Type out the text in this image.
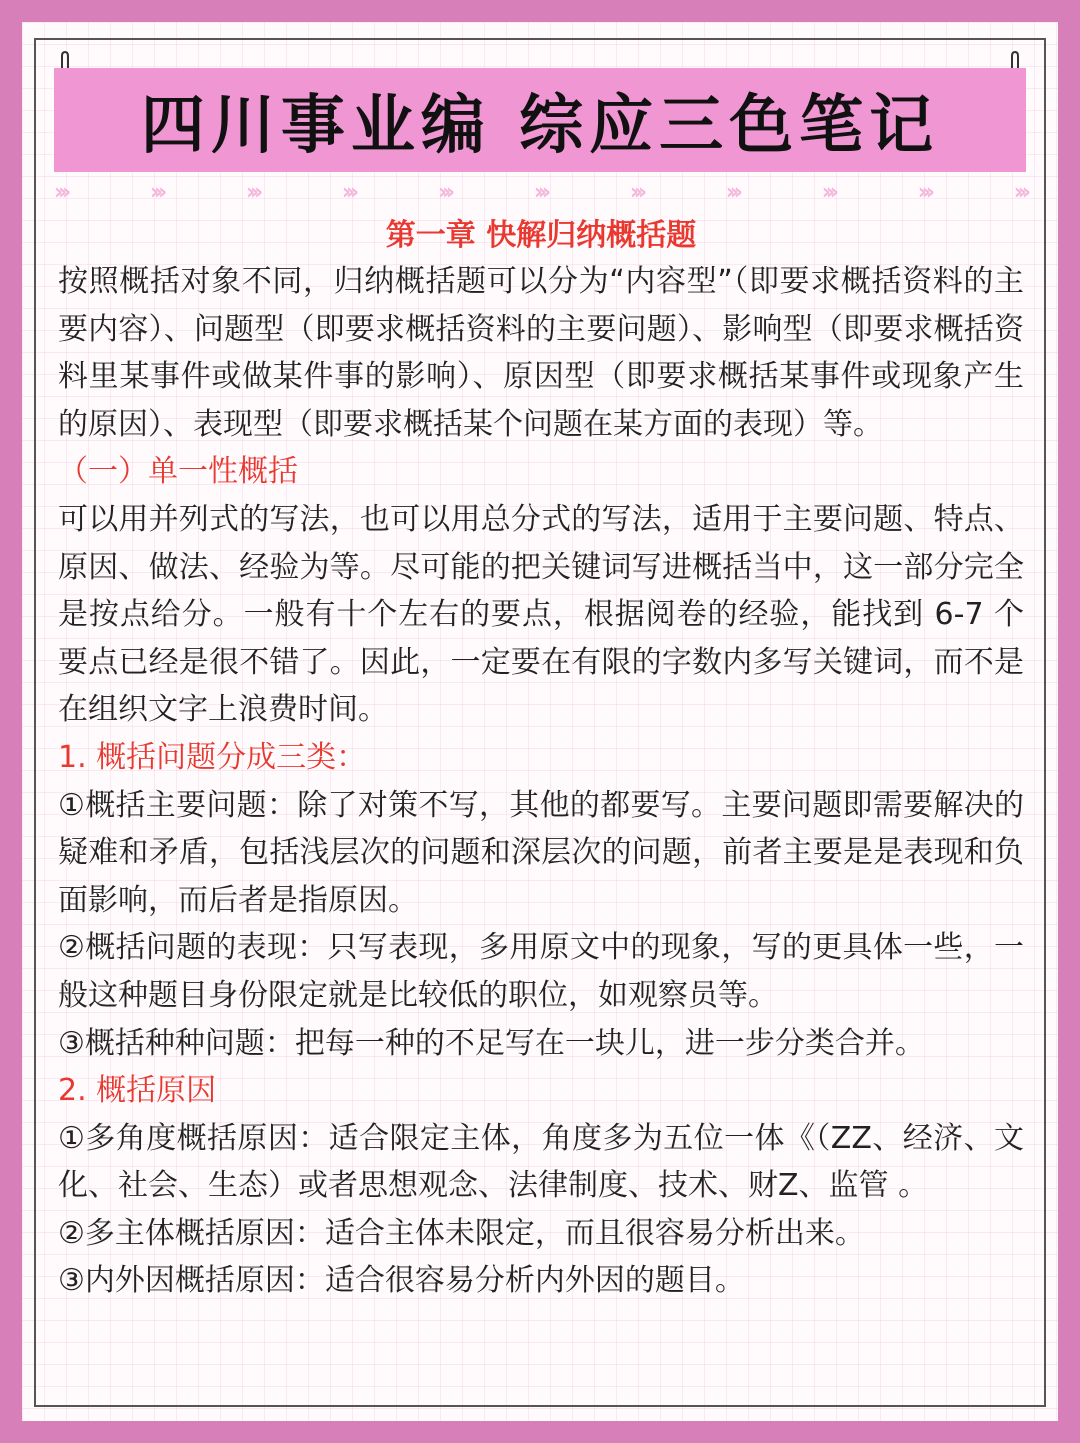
四川事业编 综应三色笔记
›››	›››	›››	›››	›››	›››	›››	›››	›››	›››	›››
第一章 快解归纳概括题

按照概括对象不同，归纳概括题可以分为“内容型”（即要求概括资料的主要内容）、问题型（即要求概括资料的主要问题）、影响型（即要求概括资料里某事件或做某件事的影响）、原因型（即要求概括某事件或现象产生的原因）、表现型（即要求概括某个问题在某方面的表现）等。

（一）单一性概括

可以用并列式的写法，也可以用总分式的写法，适用于主要问题、特点、原因、做法、经验为等。尽可能的把关键词写进概括当中，这一部分完全是按点给分。一般有十个左右的要点，根据阅卷的经验，能找到 6-7 个要点已经是很不错了。因此，一定要在有限的字数内多写关键词，而不是在组织文字上浪费时间。

1. 概括问题分成三类：

①概括主要问题：除了对策不写，其他的都要写。主要问题即需要解决的疑难和矛盾，包括浅层次的问题和深层次的问题，前者主要是是表现和负面影响，而后者是指原因。

②概括问题的表现：只写表现，多用原文中的现象，写的更具体一些，一般这种题目身份限定就是比较低的职位，如观察员等。

③概括种种问题：把每一种的不足写在一块儿，进一步分类合并。

2. 概括原因

①多角度概括原因：适合限定主体，角度多为五位一体《（ZZ、经济、文化、社会、生态）或者思想观念、法律制度、技术、财Z、监管 。

②多主体概括原因：适合主体未限定，而且很容易分析出来。

③内外因概括原因：适合很容易分析内外因的题目。
